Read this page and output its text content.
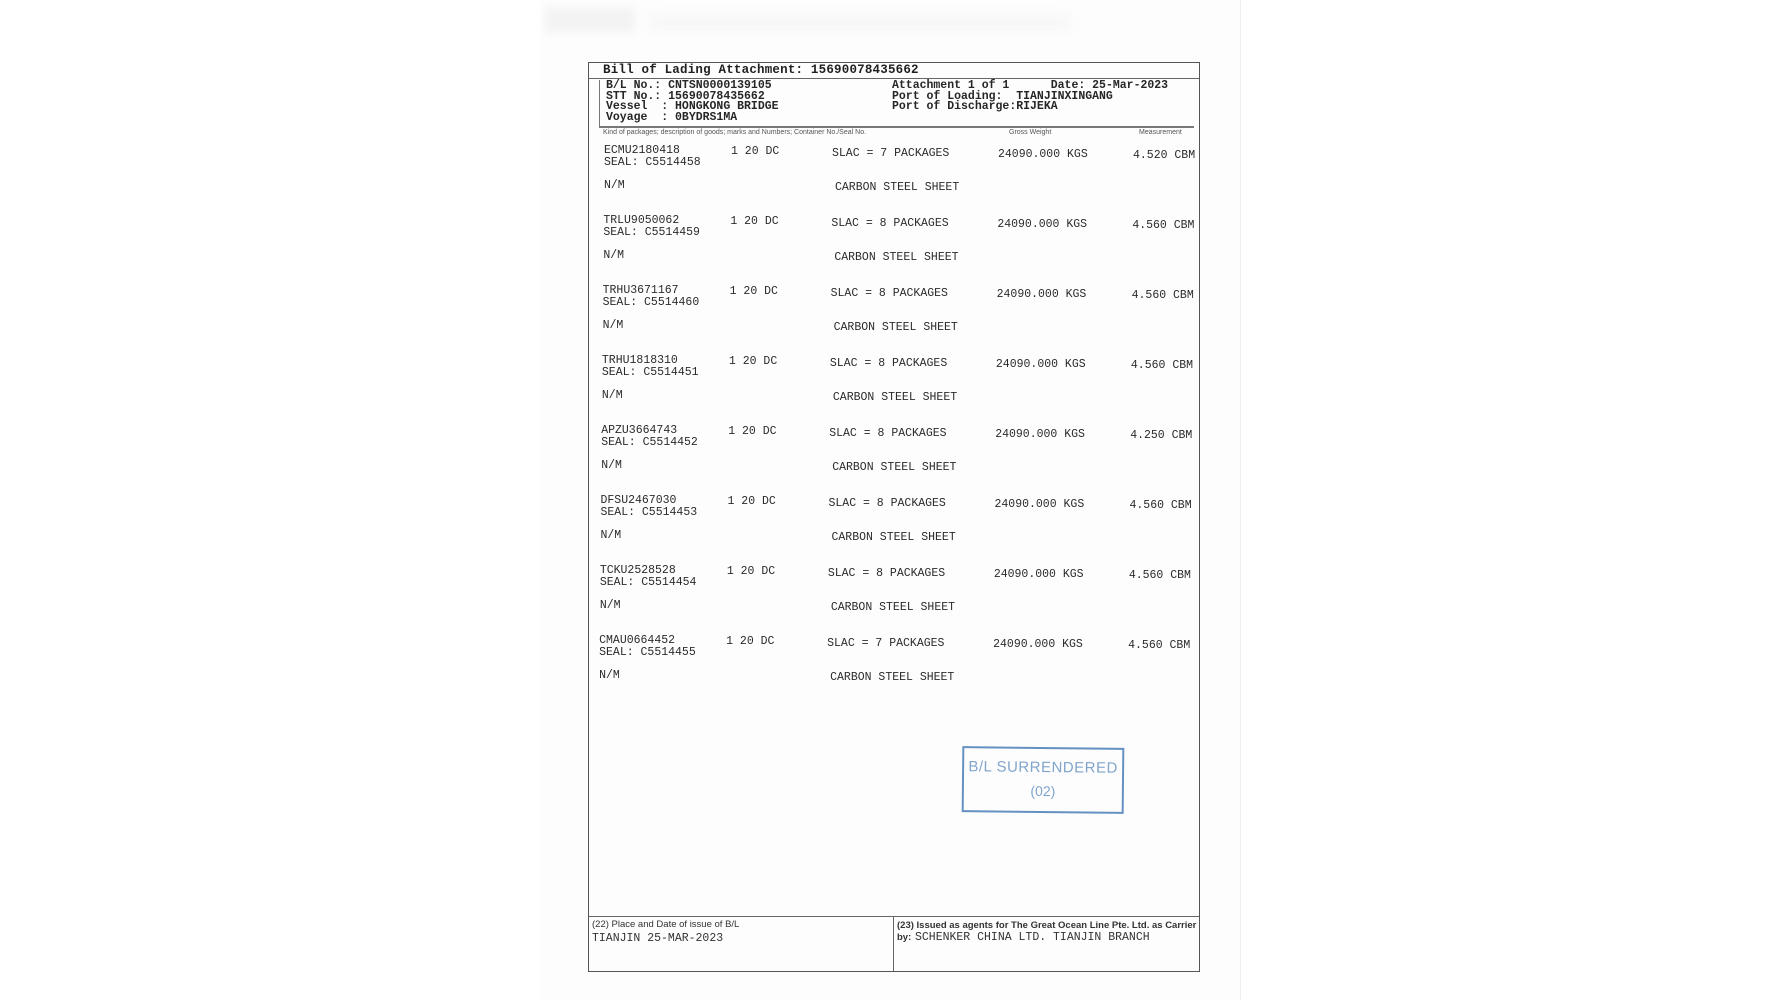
Bill of Lading Attachment: 15690078435662
B/L No.: CNTSN0000139105
STT No.: 15690078435662
Vessel  : HONGKONG BRIDGE
Voyage  : 0BYDRS1MA
Attachment 1 of 1	Date: 25-Mar-2023
Port of Loading:  TIANJINXINGANG
Port of Discharge:RIJEKA
Kind of packages; description of goods; marks and Numbers; Container No./Seal No.	Gross Weight	Measurement
ECMU2180418
SEAL: C5514458
1 20 DC	SLAC = 7 PACKAGES	24090.000 KGS	4.520 CBM
N/M	CARBON STEEL SHEET
TRLU9050062
SEAL: C5514459
1 20 DC	SLAC = 8 PACKAGES	24090.000 KGS	4.560 CBM
N/M	CARBON STEEL SHEET
TRHU3671167
SEAL: C5514460
1 20 DC	SLAC = 8 PACKAGES	24090.000 KGS	4.560 CBM
N/M	CARBON STEEL SHEET
TRHU1818310
SEAL: C5514451
1 20 DC	SLAC = 8 PACKAGES	24090.000 KGS	4.560 CBM
N/M	CARBON STEEL SHEET
APZU3664743
SEAL: C5514452
1 20 DC	SLAC = 8 PACKAGES	24090.000 KGS	4.250 CBM
N/M	CARBON STEEL SHEET
DFSU2467030
SEAL: C5514453
1 20 DC	SLAC = 8 PACKAGES	24090.000 KGS	4.560 CBM
N/M	CARBON STEEL SHEET
TCKU2528528
SEAL: C5514454
1 20 DC	SLAC = 8 PACKAGES	24090.000 KGS	4.560 CBM
N/M	CARBON STEEL SHEET
CMAU0664452
SEAL: C5514455
1 20 DC	SLAC = 7 PACKAGES	24090.000 KGS	4.560 CBM
N/M	CARBON STEEL SHEET
(22) Place and Date of issue of B/L
TIANJIN 25-MAR-2023
(23) Issued as agents for The Great Ocean Line Pte. Ltd. as Carrier
by: SCHENKER CHINA LTD. TIANJIN BRANCH
B/L SURRENDERED
(02)
